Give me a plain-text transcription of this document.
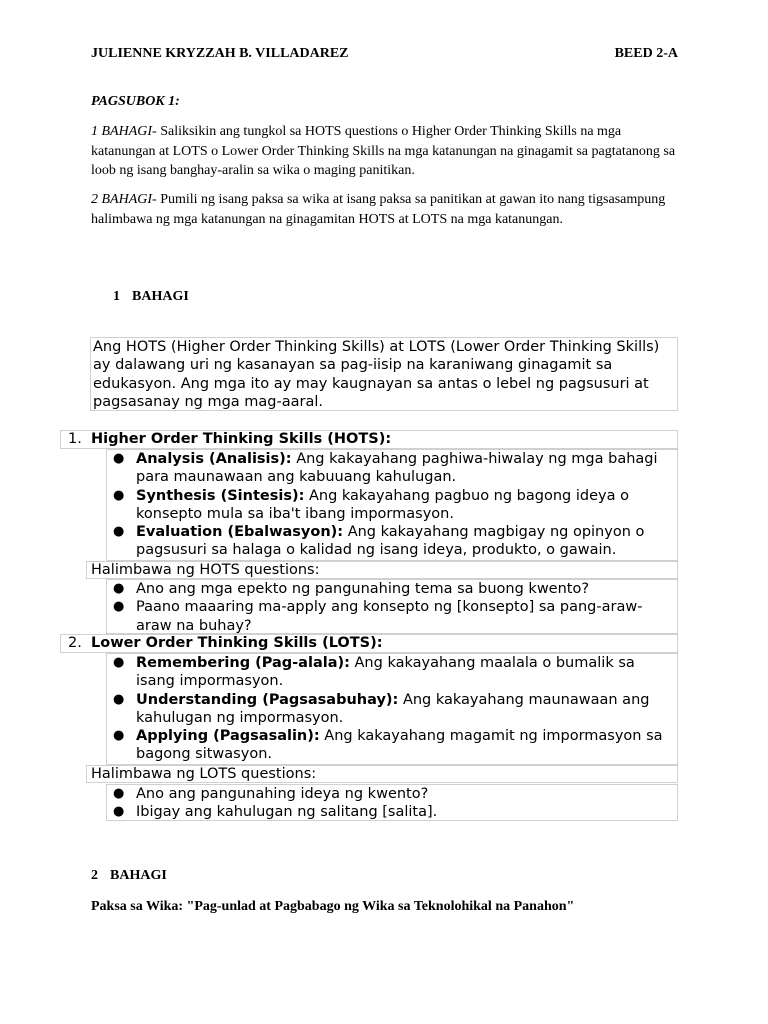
JULIENNE KRYZZAH B. VILLADAREZ	BEED 2-A
PAGSUBOK 1:
1 BAHAGI- Saliksikin ang tungkol sa HOTS questions o Higher Order Thinking Skills na mga katanungan at LOTS o Lower Order Thinking Skills na mga katanungan na ginagamit sa pagtatanong sa loob ng isang banghay-aralin sa wika o maging panitikan.
2 BAHAGI- Pumili ng isang paksa sa wika at isang paksa sa panitikan at gawan ito nang tigsasampung halimbawa ng mga katanungan na ginagamitan HOTS at LOTS na mga katanungan.
1 BAHAGI
Ang HOTS (Higher Order Thinking Skills) at LOTS (Lower Order Thinking Skills) ay dalawang uri ng kasanayan sa pag-iisip na karaniwang ginagamit sa edukasyon. Ang mga ito ay may kaugnayan sa antas o lebel ng pagsusuri at pagsasanay ng mga mag-aaral.
1. Higher Order Thinking Skills (HOTS):
● Analysis (Analisis): Ang kakayahang paghiwa-hiwalay ng mga bahagi para maunawaan ang kabuuang kahulugan.
● Synthesis (Sintesis): Ang kakayahang pagbuo ng bagong ideya o konsepto mula sa iba't ibang impormasyon.
● Evaluation (Ebalwasyon): Ang kakayahang magbigay ng opinyon o pagsusuri sa halaga o kalidad ng isang ideya, produkto, o gawain.
Halimbawa ng HOTS questions:
● Ano ang mga epekto ng pangunahing tema sa buong kwento?
● Paano maaaring ma-apply ang konsepto ng [konsepto] sa pang-araw-araw na buhay?
2. Lower Order Thinking Skills (LOTS):
● Remembering (Pag-alala): Ang kakayahang maalala o bumalik sa isang impormasyon.
● Understanding (Pagsasabuhay): Ang kakayahang maunawaan ang kahulugan ng impormasyon.
● Applying (Pagsasalin): Ang kakayahang magamit ng impormasyon sa bagong sitwasyon.
Halimbawa ng LOTS questions:
● Ano ang pangunahing ideya ng kwento?
● Ibigay ang kahulugan ng salitang [salita].
2 BAHAGI
Paksa sa Wika: "Pag-unlad at Pagbabago ng Wika sa Teknolohikal na Panahon"
